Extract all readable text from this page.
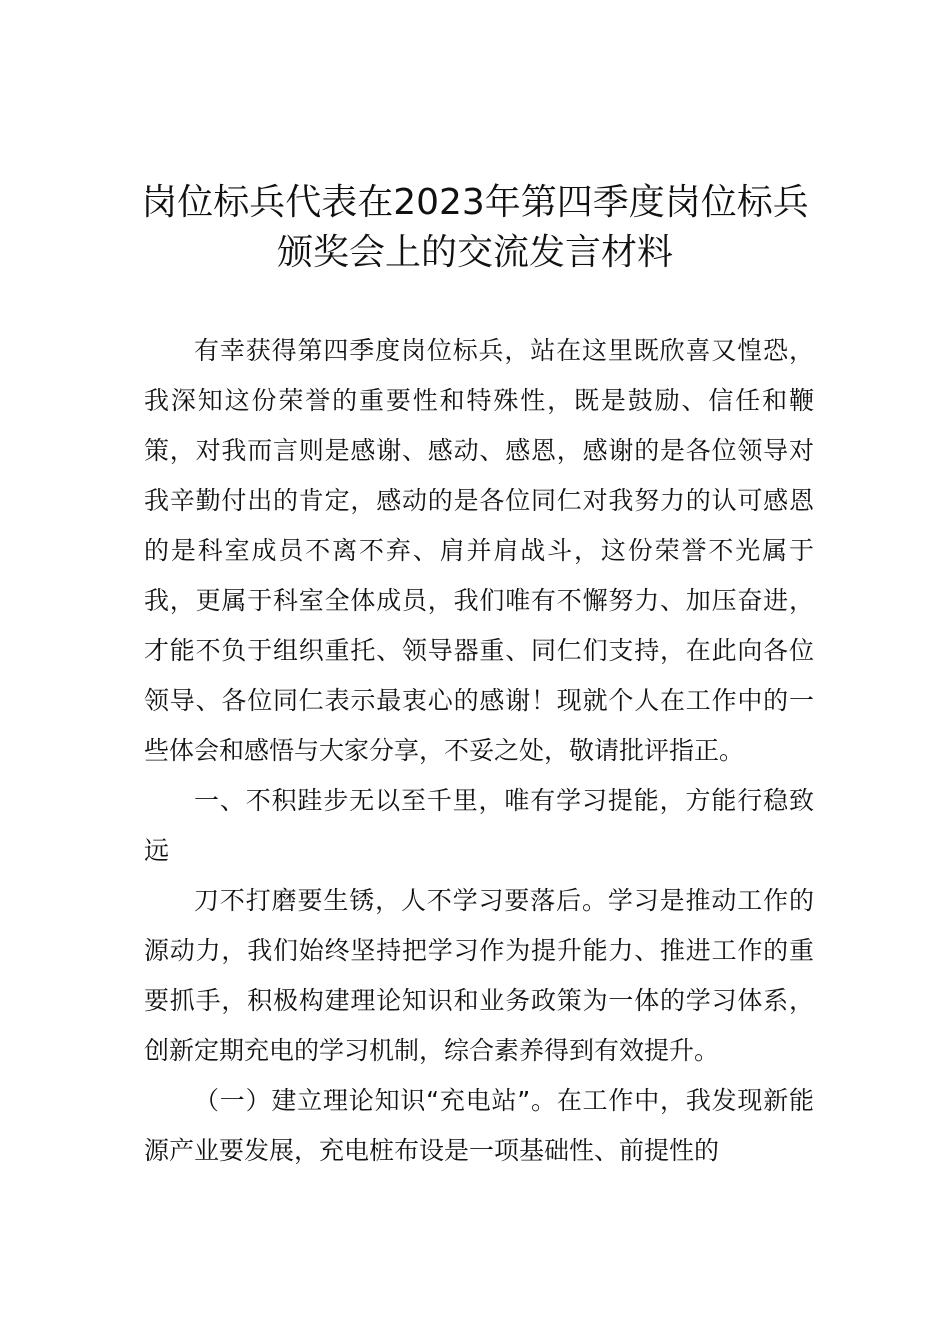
岗位标兵代表在2023年第四季度岗位标兵
颁奖会上的交流发言材料

有幸获得第四季度岗位标兵，站在这里既欣喜又惶恐，我深知这份荣誉的重要性和特殊性，既是鼓励、信任和鞭策，对我而言则是感谢、感动、感恩，感谢的是各位领导对我辛勤付出的肯定，感动的是各位同仁对我努力的认可感恩的是科室成员不离不弃、肩并肩战斗，这份荣誉不光属于我，更属于科室全体成员，我们唯有不懈努力、加压奋进，才能不负于组织重托、领导器重、同仁们支持，在此向各位领导、各位同仁表示最衷心的感谢！现就个人在工作中的一些体会和感悟与大家分享，不妥之处，敬请批评指正。

一、不积跬步无以至千里，唯有学习提能，方能行稳致远

刀不打磨要生锈，人不学习要落后。学习是推动工作的源动力，我们始终坚持把学习作为提升能力、推进工作的重要抓手，积极构建理论知识和业务政策为一体的学习体系，创新定期充电的学习机制，综合素养得到有效提升。

（一）建立理论知识“充电站”。在工作中，我发现新能源产业要发展，充电桩布设是一项基础性、前提性的
